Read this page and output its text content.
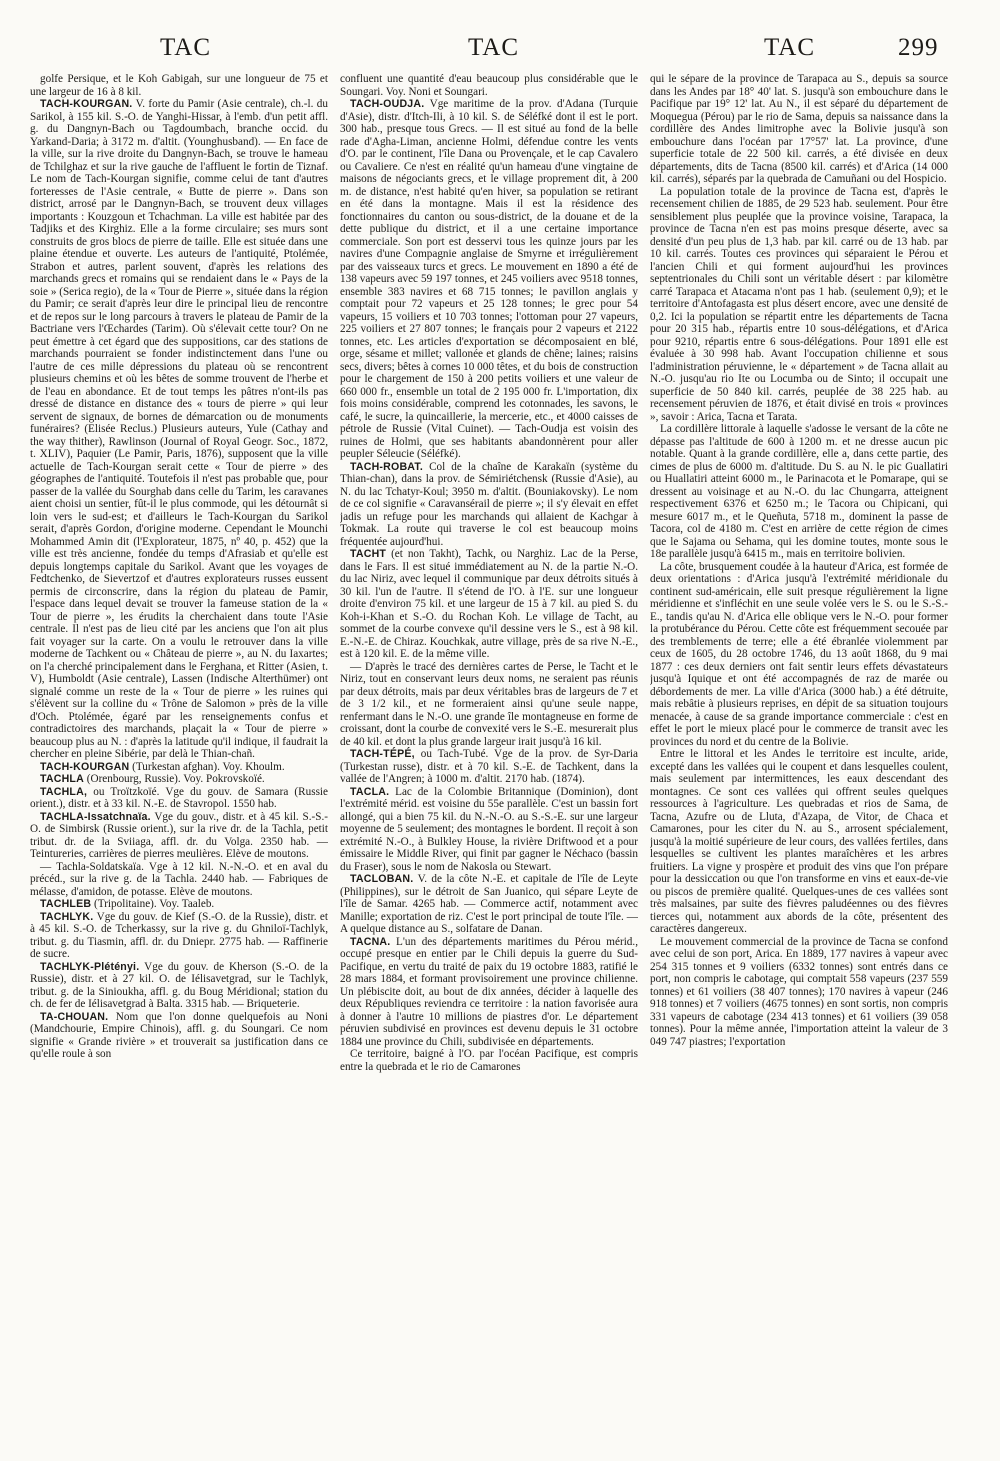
TAC	TAC	TAC	299

golfe Persique, et le Koh Gabigah, sur une longueur de 75 et une largeur de 16 à 8 kil.

TACH-KOURGAN. V. forte du Pamir (Asie centrale), ch.-l. du Sarikol, à 155 kil. S.-O. de Yanghi-Hissar, à l'emb. d'un petit affl. g. du Dangnyn-Bach ou Tagdoumbach, branche occid. du Yarkand-Daria; à 3172 m. d'altit. (Younghusband). — En face de la ville, sur la rive droite du Dangnyn-Bach, se trouve le hameau de Tchilghaz et sur la rive gauche de l'affluent le fortin de Tiznaf. Le nom de Tach-Kourgan signifie, comme celui de tant d'autres forteresses de l'Asie centrale, « Butte de pierre ». Dans son district, arrosé par le Dangnyn-Bach, se trouvent deux villages importants : Kouzgoun et Tchachman. La ville est habitée par des Tadjiks et des Kirghiz. Elle a la forme circulaire; ses murs sont construits de gros blocs de pierre de taille. Elle est située dans une plaine étendue et ouverte. Les auteurs de l'antiquité, Ptolémée, Strabon et autres, parlent souvent, d'après les relations des marchands grecs et romains qui se rendaient dans le « Pays de la soie » (Serica regio), de la « Tour de Pierre », située dans la région du Pamir; ce serait d'après leur dire le principal lieu de rencontre et de repos sur le long parcours à travers le plateau de Pamir de la Bactriane vers l'Œchardes (Tarim). Où s'élevait cette tour? On ne peut émettre à cet égard que des suppositions, car des stations de marchands pourraient se fonder indistinctement dans l'une ou l'autre de ces mille dépressions du plateau où se rencontrent plusieurs chemins et où les bêtes de somme trouvent de l'herbe et de l'eau en abondance. Et de tout temps les pâtres n'ont-ils pas dressé de distance en distance des « tours de pierre » qui leur servent de signaux, de bornes de démarcation ou de monuments funéraires? (Elisée Reclus.) Plusieurs auteurs, Yule (Cathay and the way thither), Rawlinson (Journal of Royal Geogr. Soc., 1872, t. XLIV), Paquier (Le Pamir, Paris, 1876), supposent que la ville actuelle de Tach-Kourgan serait cette « Tour de pierre » des géographes de l'antiquité. Toutefois il n'est pas probable que, pour passer de la vallée du Sourghab dans celle du Tarim, les caravanes aient choisi un sentier, fût-il le plus commode, qui les détournât si loin vers le sud-est; et d'ailleurs le Tach-Kourgan du Sarikol serait, d'après Gordon, d'origine moderne. Cependant le Mounchi Mohammed Amin dit (l'Explorateur, 1875, nº 40, p. 452) que la ville est très ancienne, fondée du temps d'Afrasiab et qu'elle est depuis longtemps capitale du Sarikol. Avant que les voyages de Fedtchenko, de Sievertzof et d'autres explorateurs russes eussent permis de circonscrire, dans la région du plateau de Pamir, l'espace dans lequel devait se trouver la fameuse station de la « Tour de pierre », les érudits la cherchaient dans toute l'Asie centrale. Il n'est pas de lieu cité par les anciens que l'on ait plus fait voyager sur la carte. On a voulu le retrouver dans la ville moderne de Tachkent ou « Château de pierre », au N. du Iaxartes; on l'a cherché principalement dans le Ferghana, et Ritter (Asien, t. V), Humboldt (Asie centrale), Lassen (Indische Alterthümer) ont signalé comme un reste de la « Tour de pierre » les ruines qui s'élèvent sur la colline du « Trône de Salomon » près de la ville d'Och. Ptolémée, égaré par les renseignements confus et contradictoires des marchands, plaçait la « Tour de pierre » beaucoup plus au N. : d'après la latitude qu'il indique, il faudrait la chercher en pleine Sibérie, par delà le Thian-chañ.

TACH-KOURGAN (Turkestan afghan). Voy. Khoulm.

TACHLA (Orenbourg, Russie). Voy. Pokrovskoïé.

TACHLA, ou Troïtzkoïé. Vge du gouv. de Samara (Russie orient.), distr. et à 33 kil. N.-E. de Stavropol. 1550 hab.

TACHLA-Issatchnaïa. Vge du gouv., distr. et à 45 kil. S.-S.-O. de Simbirsk (Russie orient.), sur la rive dr. de la Tachla, petit tribut. dr. de la Sviiaga, affl. dr. du Volga. 2350 hab. — Teintureries, carrières de pierres meulières. Elève de moutons.

— Tachla-Soldatskaïa. Vge à 12 kil. N.-N.-O. et en aval du précéd., sur la rive g. de la Tachla. 2440 hab. — Fabriques de mélasse, d'amidon, de potasse. Elève de moutons.

TACHLEB (Tripolitaine). Voy. Taaleb.

TACHLYK. Vge du gouv. de Kief (S.-O. de la Russie), distr. et à 45 kil. S.-O. de Tcherkassy, sur la rive g. du Ghniloï-Tachlyk, tribut. g. du Tiasmin, affl. dr. du Dniepr. 2775 hab. — Raffinerie de sucre.

TACHLYK-Plétényi. Vge du gouv. de Kherson (S.-O. de la Russie), distr. et à 27 kil. O. de Iélisavetgrad, sur le Tachlyk, tribut. g. de la Sinioukha, affl. g. du Boug Méridional; station du ch. de fer de Iélisavetgrad à Balta. 3315 hab. — Briqueterie.

TA-CHOUAN. Nom que l'on donne quelquefois au Noni (Mandchourie, Empire Chinois), affl. g. du Soungari. Ce nom signifie « Grande rivière » et trouverait sa justification dans ce qu'elle roule à son

confluent une quantité d'eau beaucoup plus considérable que le Soungari. Voy. Noni et Soungari.

TACH-OUDJA. Vge maritime de la prov. d'Adana (Turquie d'Asie), distr. d'Itch-Ili, à 10 kil. S. de Séléfké dont il est le port. 300 hab., presque tous Grecs. — Il est situé au fond de la belle rade d'Agha-Liman, ancienne Holmi, défendue contre les vents d'O. par le continent, l'île Dana ou Provençale, et le cap Cavalero ou Cavaliere. Ce n'est en réalité qu'un hameau d'une vingtaine de maisons de négociants grecs, et le village proprement dit, à 200 m. de distance, n'est habité qu'en hiver, sa population se retirant en été dans la montagne. Mais il est la résidence des fonctionnaires du canton ou sous-district, de la douane et de la dette publique du district, et il a une certaine importance commerciale. Son port est desservi tous les quinze jours par les navires d'une Compagnie anglaise de Smyrne et irrégulièrement par des vaisseaux turcs et grecs. Le mouvement en 1890 a été de 138 vapeurs avec 59 197 tonnes, et 245 voiliers avec 9518 tonnes, ensemble 383 navires et 68 715 tonnes; le pavillon anglais y comptait pour 72 vapeurs et 25 128 tonnes; le grec pour 54 vapeurs, 15 voiliers et 10 703 tonnes; l'ottoman pour 27 vapeurs, 225 voiliers et 27 807 tonnes; le français pour 2 vapeurs et 2122 tonnes, etc. Les articles d'exportation se décomposaient en blé, orge, sésame et millet; vallonée et glands de chêne; laines; raisins secs, divers; bêtes à cornes 10 000 têtes, et du bois de construction pour le chargement de 150 à 200 petits voiliers et une valeur de 660 000 fr., ensemble un total de 2 195 000 fr. L'importation, dix fois moins considérable, comprend les cotonnades, les savons, le café, le sucre, la quincaillerie, la mercerie, etc., et 4000 caisses de pétrole de Russie (Vital Cuinet). — Tach-Oudja est voisin des ruines de Holmi, que ses habitants abandonnèrent pour aller peupler Séleucie (Séléfké).

TACH-ROBAT. Col de la chaîne de Karakaïn (système du Thian-chan), dans la prov. de Sémiriétchensk (Russie d'Asie), au N. du lac Tchatyr-Koul; 3950 m. d'altit. (Bouniakovsky). Le nom de ce col signifie « Caravansérail de pierre »; il s'y élevait en effet jadis un refuge pour les marchands qui allaient de Kachgar à Tokmak. La route qui traverse le col est beaucoup moins fréquentée aujourd'hui.

TACHT (et non Takht), Tachk, ou Narghiz. Lac de la Perse, dans le Fars. Il est situé immédiatement au N. de la partie N.-O. du lac Niriz, avec lequel il communique par deux détroits situés à 30 kil. l'un de l'autre. Il s'étend de l'O. à l'E. sur une longueur droite d'environ 75 kil. et une largeur de 15 à 7 kil. au pied S. du Koh-i-Khan et S.-O. du Rochan Koh. Le village de Tacht, au sommet de la courbe convexe qu'il dessine vers le S., est à 98 kil. E.-N.-E. de Chiraz. Kouchkak, autre village, près de sa rive N.-E., est à 120 kil. E. de la même ville.

— D'après le tracé des dernières cartes de Perse, le Tacht et le Niriz, tout en conservant leurs deux noms, ne seraient pas réunis par deux détroits, mais par deux véritables bras de largeurs de 7 et de 3 1/2 kil., et ne formeraient ainsi qu'une seule nappe, renfermant dans le N.-O. une grande île montagneuse en forme de croissant, dont la courbe de convexité vers le S.-E. mesurerait plus de 40 kil. et dont la plus grande largeur irait jusqu'à 16 kil.

TACH-TÉPÉ, ou Tach-Tubé. Vge de la prov. de Syr-Daria (Turkestan russe), distr. et à 70 kil. S.-E. de Tachkent, dans la vallée de l'Angren; à 1000 m. d'altit. 2170 hab. (1874).

TACLA. Lac de la Colombie Britannique (Dominion), dont l'extrémité mérid. est voisine du 55e parallèle. C'est un bassin fort allongé, qui a bien 75 kil. du N.-N.-O. au S.-S.-E. sur une largeur moyenne de 5 seulement; des montagnes le bordent. Il reçoit à son extrémité N.-O., à Bulkley House, la rivière Driftwood et a pour émissaire le Middle River, qui finit par gagner le Néchaco (bassin du Fraser), sous le nom de Nakosla ou Stewart.

TACLOBAN. V. de la côte N.-E. et capitale de l'île de Leyte (Philippines), sur le détroit de San Juanico, qui sépare Leyte de l'île de Samar. 4265 hab. — Commerce actif, notamment avec Manille; exportation de riz. C'est le port principal de toute l'île. — A quelque distance au S., solfatare de Danan.

TACNA. L'un des départements maritimes du Pérou mérid., occupé presque en entier par le Chili depuis la guerre du Sud-Pacifique, en vertu du traité de paix du 19 octobre 1883, ratifié le 28 mars 1884, et formant provisoirement une province chilienne. Un plébiscite doit, au bout de dix années, décider à laquelle des deux Républiques reviendra ce territoire : la nation favorisée aura à donner à l'autre 10 millions de piastres d'or. Le département péruvien subdivisé en provinces est devenu depuis le 31 octobre 1884 une province du Chili, subdivisée en départements.

Ce territoire, baigné à l'O. par l'océan Pacifique, est compris entre la quebrada et le rio de Camarones

qui le sépare de la province de Tarapaca au S., depuis sa source dans les Andes par 18° 40' lat. S. jusqu'à son embouchure dans le Pacifique par 19° 12' lat. Au N., il est séparé du département de Moquegua (Pérou) par le rio de Sama, depuis sa naissance dans la cordillère des Andes limitrophe avec la Bolivie jusqu'à son embouchure dans l'océan par 17°57' lat. La province, d'une superficie totale de 22 500 kil. carrés, a été divisée en deux départements, dits de Tacna (8500 kil. carrés) et d'Arica (14 000 kil. carrés), séparés par la quebrada de Camuñani ou del Hospicio.

La population totale de la province de Tacna est, d'après le recensement chilien de 1885, de 29 523 hab. seulement. Pour être sensiblement plus peuplée que la province voisine, Tarapaca, la province de Tacna n'en est pas moins presque déserte, avec sa densité d'un peu plus de 1,3 hab. par kil. carré ou de 13 hab. par 10 kil. carrés. Toutes ces provinces qui séparaient le Pérou et l'ancien Chili et qui forment aujourd'hui les provinces septentrionales du Chili sont un véritable désert : par kilomètre carré Tarapaca et Atacama n'ont pas 1 hab. (seulement 0,9); et le territoire d'Antofagasta est plus désert encore, avec une densité de 0,2. Ici la population se répartit entre les départements de Tacna pour 20 315 hab., répartis entre 10 sous-délégations, et d'Arica pour 9210, répartis entre 6 sous-délégations. Pour 1891 elle est évaluée à 30 998 hab. Avant l'occupation chilienne et sous l'administration péruvienne, le « département » de Tacna allait au N.-O. jusqu'au rio Ite ou Locumba ou de Sinto; il occupait une superficie de 50 840 kil. carrés, peuplée de 38 225 hab. au recensement péruvien de 1876, et était divisé en trois « provinces », savoir : Arica, Tacna et Tarata.

La cordillère littorale à laquelle s'adosse le versant de la côte ne dépasse pas l'altitude de 600 à 1200 m. et ne dresse aucun pic notable. Quant à la grande cordillère, elle a, dans cette partie, des cimes de plus de 6000 m. d'altitude. Du S. au N. le pic Guallatiri ou Huallatiri atteint 6000 m., le Parinacota et le Pomarape, qui se dressent au voisinage et au N.-O. du lac Chungarra, atteignent respectivement 6376 et 6250 m.; le Tacora ou Chipicani, qui mesure 6017 m., et le Queñuta, 5718 m., dominent la passe de Tacora, col de 4180 m. C'est en arrière de cette région de cimes que le Sajama ou Sehama, qui les domine toutes, monte sous le 18e parallèle jusqu'à 6415 m., mais en territoire bolivien.

La côte, brusquement coudée à la hauteur d'Arica, est formée de deux orientations : d'Arica jusqu'à l'extrémité méridionale du continent sud-américain, elle suit presque régulièrement la ligne méridienne et s'infléchit en une seule volée vers le S. ou le S.-S.-E., tandis qu'au N. d'Arica elle oblique vers le N.-O. pour former la protubérance du Pérou. Cette côte est fréquemment secouée par des tremblements de terre; elle a été ébranlée violemment par ceux de 1605, du 28 octobre 1746, du 13 août 1868, du 9 mai 1877 : ces deux derniers ont fait sentir leurs effets dévastateurs jusqu'à Iquique et ont été accompagnés de raz de marée ou débordements de mer. La ville d'Arica (3000 hab.) a été détruite, mais rebâtie à plusieurs reprises, en dépit de sa situation toujours menacée, à cause de sa grande importance commerciale : c'est en effet le port le mieux placé pour le commerce de transit avec les provinces du nord et du centre de la Bolivie.

Entre le littoral et les Andes le territoire est inculte, aride, excepté dans les vallées qui le coupent et dans lesquelles coulent, mais seulement par intermittences, les eaux descendant des montagnes. Ce sont ces vallées qui offrent seules quelques ressources à l'agriculture. Les quebradas et rios de Sama, de Tacna, Azufre ou de Lluta, d'Azapa, de Vitor, de Chaca et Camarones, pour les citer du N. au S., arrosent spécialement, jusqu'à la moitié supérieure de leur cours, des vallées fertiles, dans lesquelles se cultivent les plantes maraîchères et les arbres fruitiers. La vigne y prospère et produit des vins que l'on prépare pour la dessiccation ou que l'on transforme en vins et eaux-de-vie ou piscos de première qualité. Quelques-unes de ces vallées sont très malsaines, par suite des fièvres paludéennes ou des fièvres tierces qui, notamment aux abords de la côte, présentent des caractères dangereux.

Le mouvement commercial de la province de Tacna se confond avec celui de son port, Arica. En 1889, 177 navires à vapeur avec 254 315 tonnes et 9 voiliers (6332 tonnes) sont entrés dans ce port, non compris le cabotage, qui comptait 558 vapeurs (237 559 tonnes) et 61 voiliers (38 407 tonnes); 170 navires à vapeur (246 918 tonnes) et 7 voiliers (4675 tonnes) en sont sortis, non compris 331 vapeurs de cabotage (234 413 tonnes) et 61 voiliers (39 058 tonnes). Pour la même année, l'importation atteint la valeur de 3 049 747 piastres; l'exportation
